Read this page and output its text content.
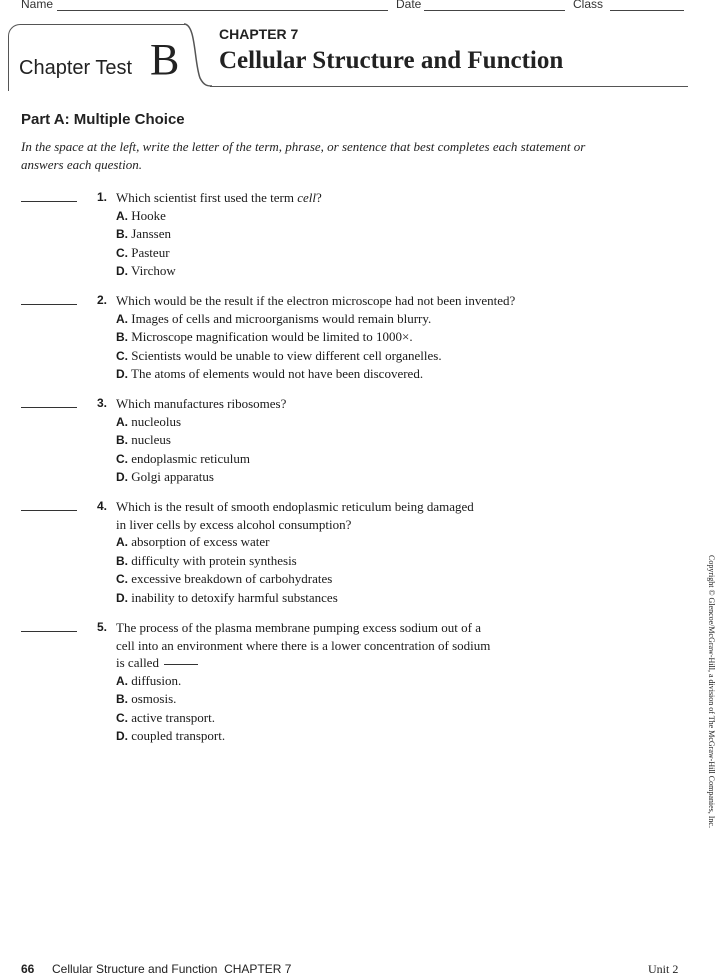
Name	Date	Class
Chapter Test B
CHAPTER 7
Cellular Structure and Function
Part A: Multiple Choice
In the space at the left, write the letter of the term, phrase, or sentence that best completes each statement or answers each question.
1. Which scientist first used the term cell?
A. Hooke
B. Janssen
C. Pasteur
D. Virchow
2. Which would be the result if the electron microscope had not been invented?
A. Images of cells and microorganisms would remain blurry.
B. Microscope magnification would be limited to 1000×.
C. Scientists would be unable to view different cell organelles.
D. The atoms of elements would not have been discovered.
3. Which manufactures ribosomes?
A. nucleolus
B. nucleus
C. endoplasmic reticulum
D. Golgi apparatus
4. Which is the result of smooth endoplasmic reticulum being damaged
in liver cells by excess alcohol consumption?
A. absorption of excess water
B. difficulty with protein synthesis
C. excessive breakdown of carbohydrates
D. inability to detoxify harmful substances
5. The process of the plasma membrane pumping excess sodium out of a
cell into an environment where there is a lower concentration of sodium
is called
A. diffusion.
B. osmosis.
C. active transport.
D. coupled transport.	Copyright © Glencoe/McGraw-Hill, a division of The McGraw-Hill Companies, Inc.
66 Cellular Structure and Function  CHAPTER 7	Unit 2
